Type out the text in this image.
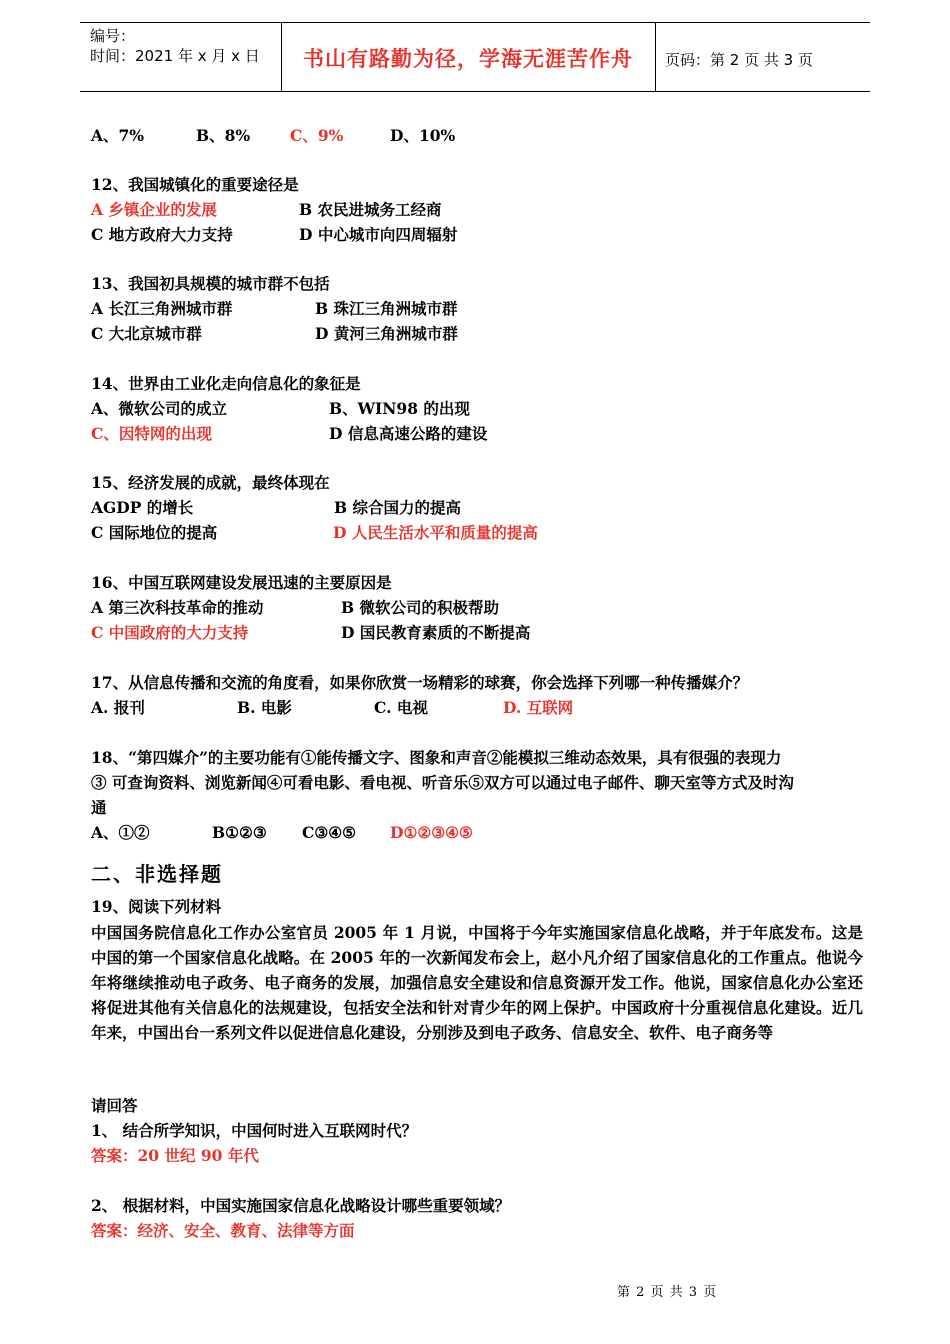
编号：
时间：2021 年 x 月 x 日	书山有路勤为径，学海无涯苦作舟	页码：第 2 页 共 3 页
A、7%	B、8%	C、9%	D、10%
12、我国城镇化的重要途径是
A 乡镇企业的发展	B 农民进城务工经商
C 地方政府大力支持	D 中心城市向四周辐射
13、我国初具规模的城市群不包括
A 长江三角洲城市群	B 珠江三角洲城市群
C 大北京城市群	D 黄河三角洲城市群
14、世界由工业化走向信息化的象征是
A、微软公司的成立	B、WIN98 的出现
C、因特网的出现	D 信息高速公路的建设
15、经济发展的成就，最终体现在
AGDP 的增长	B 综合国力的提高
C 国际地位的提高	D 人民生活水平和质量的提高
16、中国互联网建设发展迅速的主要原因是
A 第三次科技革命的推动	B 微软公司的积极帮助
C 中国政府的大力支持	D 国民教育素质的不断提高
17、从信息传播和交流的角度看，如果你欣赏一场精彩的球赛，你会选择下列哪一种传播媒介？
A. 报刊	B. 电影	C. 电视	D. 互联网
18、“第四媒介”的主要功能有①能传播文字、图象和声音②能模拟三维动态效果，具有很强的表现力
③ 可查询资料、浏览新闻④可看电影、看电视、听音乐⑤双方可以通过电子邮件、聊天室等方式及时沟
通
A、①②	B①②③ C③④⑤ D①②③④⑤
二、非选择题
19、阅读下列材料
中国国务院信息化工作办公室官员 2005 年 1 月说，中国将于今年实施国家信息化战略，并于年底发布。这是中国的第一个国家信息化战略。在 2005 年的一次新闻发布会上，赵小凡介绍了国家信息化的工作重点。他说今年将继续推动电子政务、电子商务的发展，加强信息安全建设和信息资源开发工作。他说，国家信息化办公室还将促进其他有关信息化的法规建设，包括安全法和针对青少年的网上保护。中国政府十分重视信息化建设。近几年来，中国出台一系列文件以促进信息化建设，分别涉及到电子政务、信息安全、软件、电子商务等
请回答
1、 结合所学知识，中国何时进入互联网时代？
答案：20 世纪 90 年代
2、 根据材料，中国实施国家信息化战略设计哪些重要领域？
答案：经济、安全、教育、法律等方面
第 2 页 共 3 页
